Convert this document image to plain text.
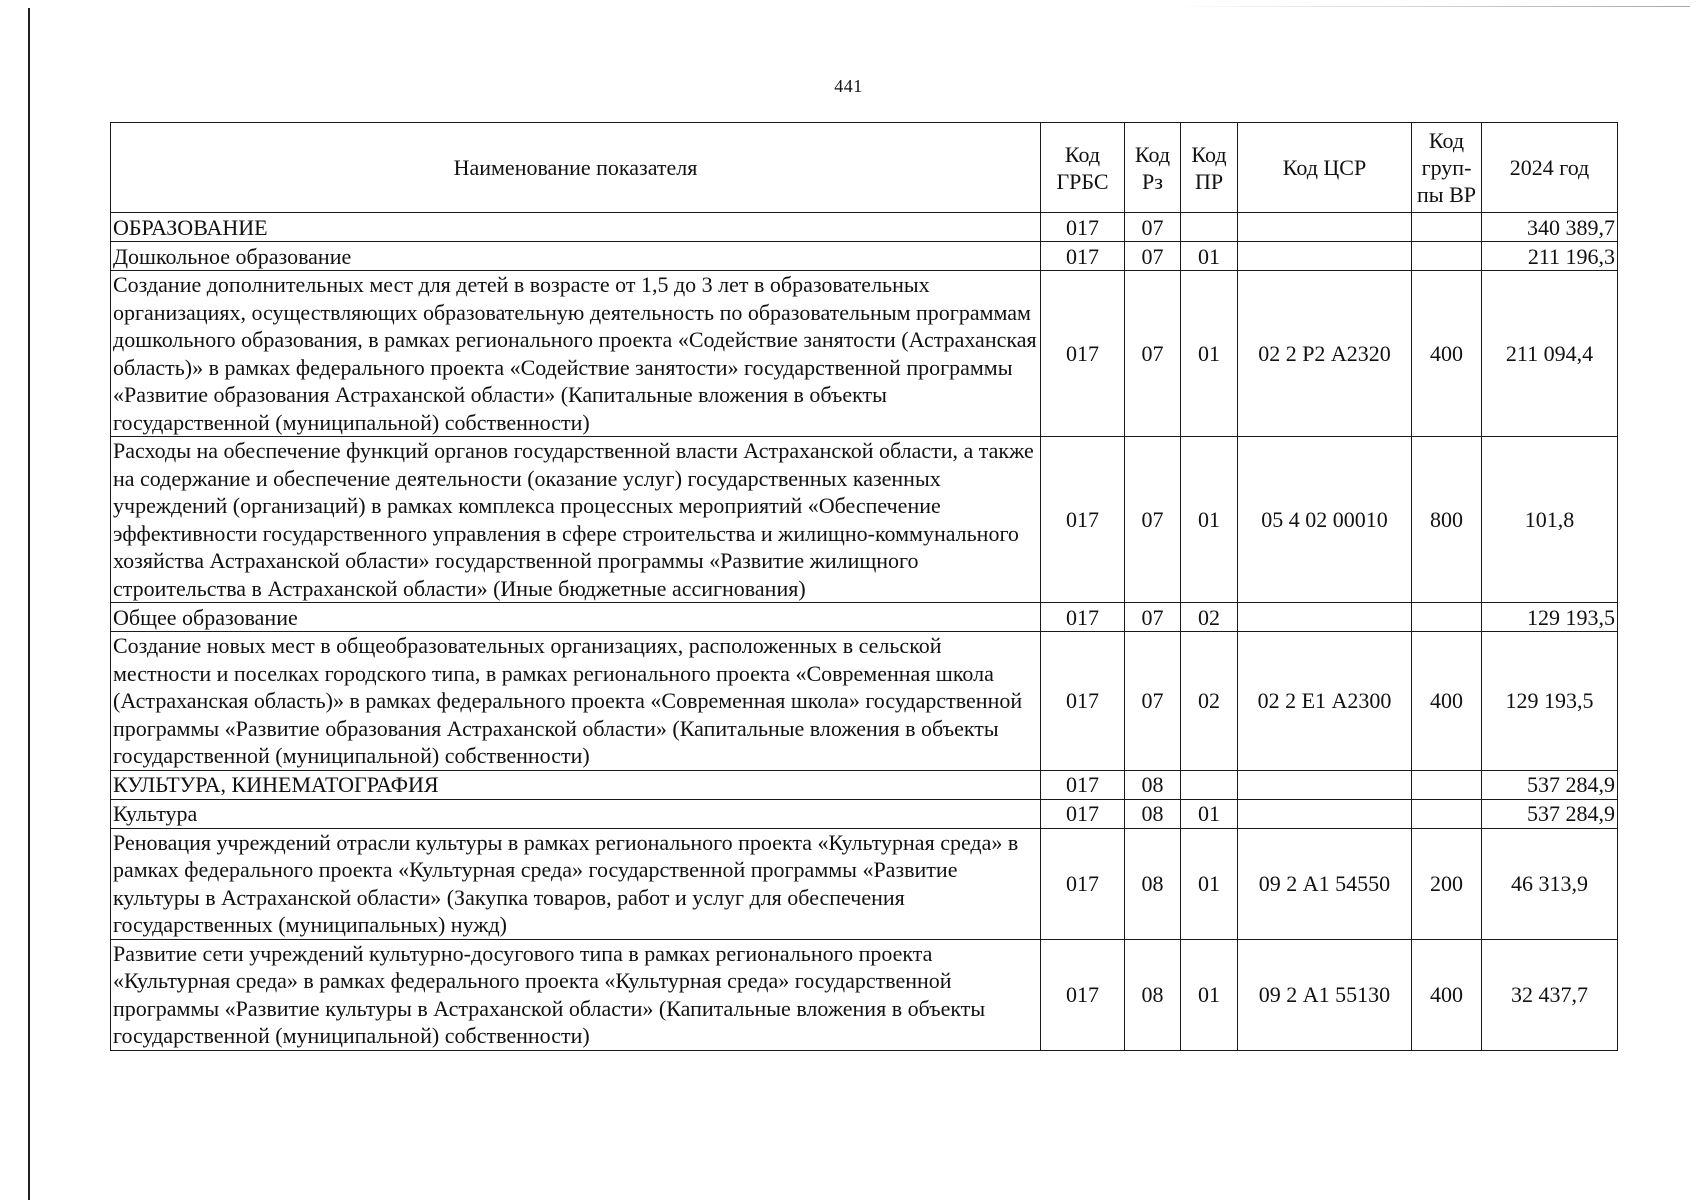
441
Наименование показателя	Код ГРБС	Код Рз	Код ПР	Код ЦСР	Код груп-пы ВР	2024 год
ОБРАЗОВАНИЕ	017	07				340 389,7
Дошкольное образование	017	07	01			211 196,3
Создание дополнительных мест для детей в возрасте от 1,5 до 3 лет в образовательных организациях, осуществляющих образовательную деятельность по образовательным программам дошкольного образования, в рамках регионального проекта «Содействие занятости (Астраханская область)» в рамках федерального проекта «Содействие занятости» государственной программы «Развитие образования Астраханской области» (Капитальные вложения в объекты государственной (муниципальной) собственности)	017	07	01	02 2 Р2 А2320	400	211 094,4
Расходы на обеспечение функций органов государственной власти Астраханской области, а также на содержание и обеспечение деятельности (оказание услуг) государственных казенных учреждений (организаций) в рамках комплекса процессных мероприятий «Обеспечение эффективности государственного управления в сфере строительства и жилищно-коммунального хозяйства Астраханской области» государственной программы «Развитие жилищного строительства в Астраханской области» (Иные бюджетные ассигнования)	017	07	01	05 4 02 00010	800	101,8
Общее образование	017	07	02			129 193,5
Создание новых мест в общеобразовательных организациях, расположенных в сельской местности и поселках городского типа, в рамках регионального проекта «Современная школа (Астраханская область)» в рамках федерального проекта «Современная школа» государственной программы «Развитие образования Астраханской области» (Капитальные вложения в объекты государственной (муниципальной) собственности)	017	07	02	02 2 Е1 А2300	400	129 193,5
КУЛЬТУРА, КИНЕМАТОГРАФИЯ	017	08				537 284,9
Культура	017	08	01			537 284,9
Реновация учреждений отрасли культуры в рамках регионального проекта «Культурная среда» в рамках федерального проекта «Культурная среда» государственной программы «Развитие культуры в Астраханской области» (Закупка товаров, работ и услуг для обеспечения государственных (муниципальных) нужд)	017	08	01	09 2 А1 54550	200	46 313,9
Развитие сети учреждений культурно-досугового типа в рамках регионального проекта «Культурная среда» в рамках федерального проекта «Культурная среда» государственной программы «Развитие культуры в Астраханской области» (Капитальные вложения в объекты государственной (муниципальной) собственности)	017	08	01	09 2 А1 55130	400	32 437,7
